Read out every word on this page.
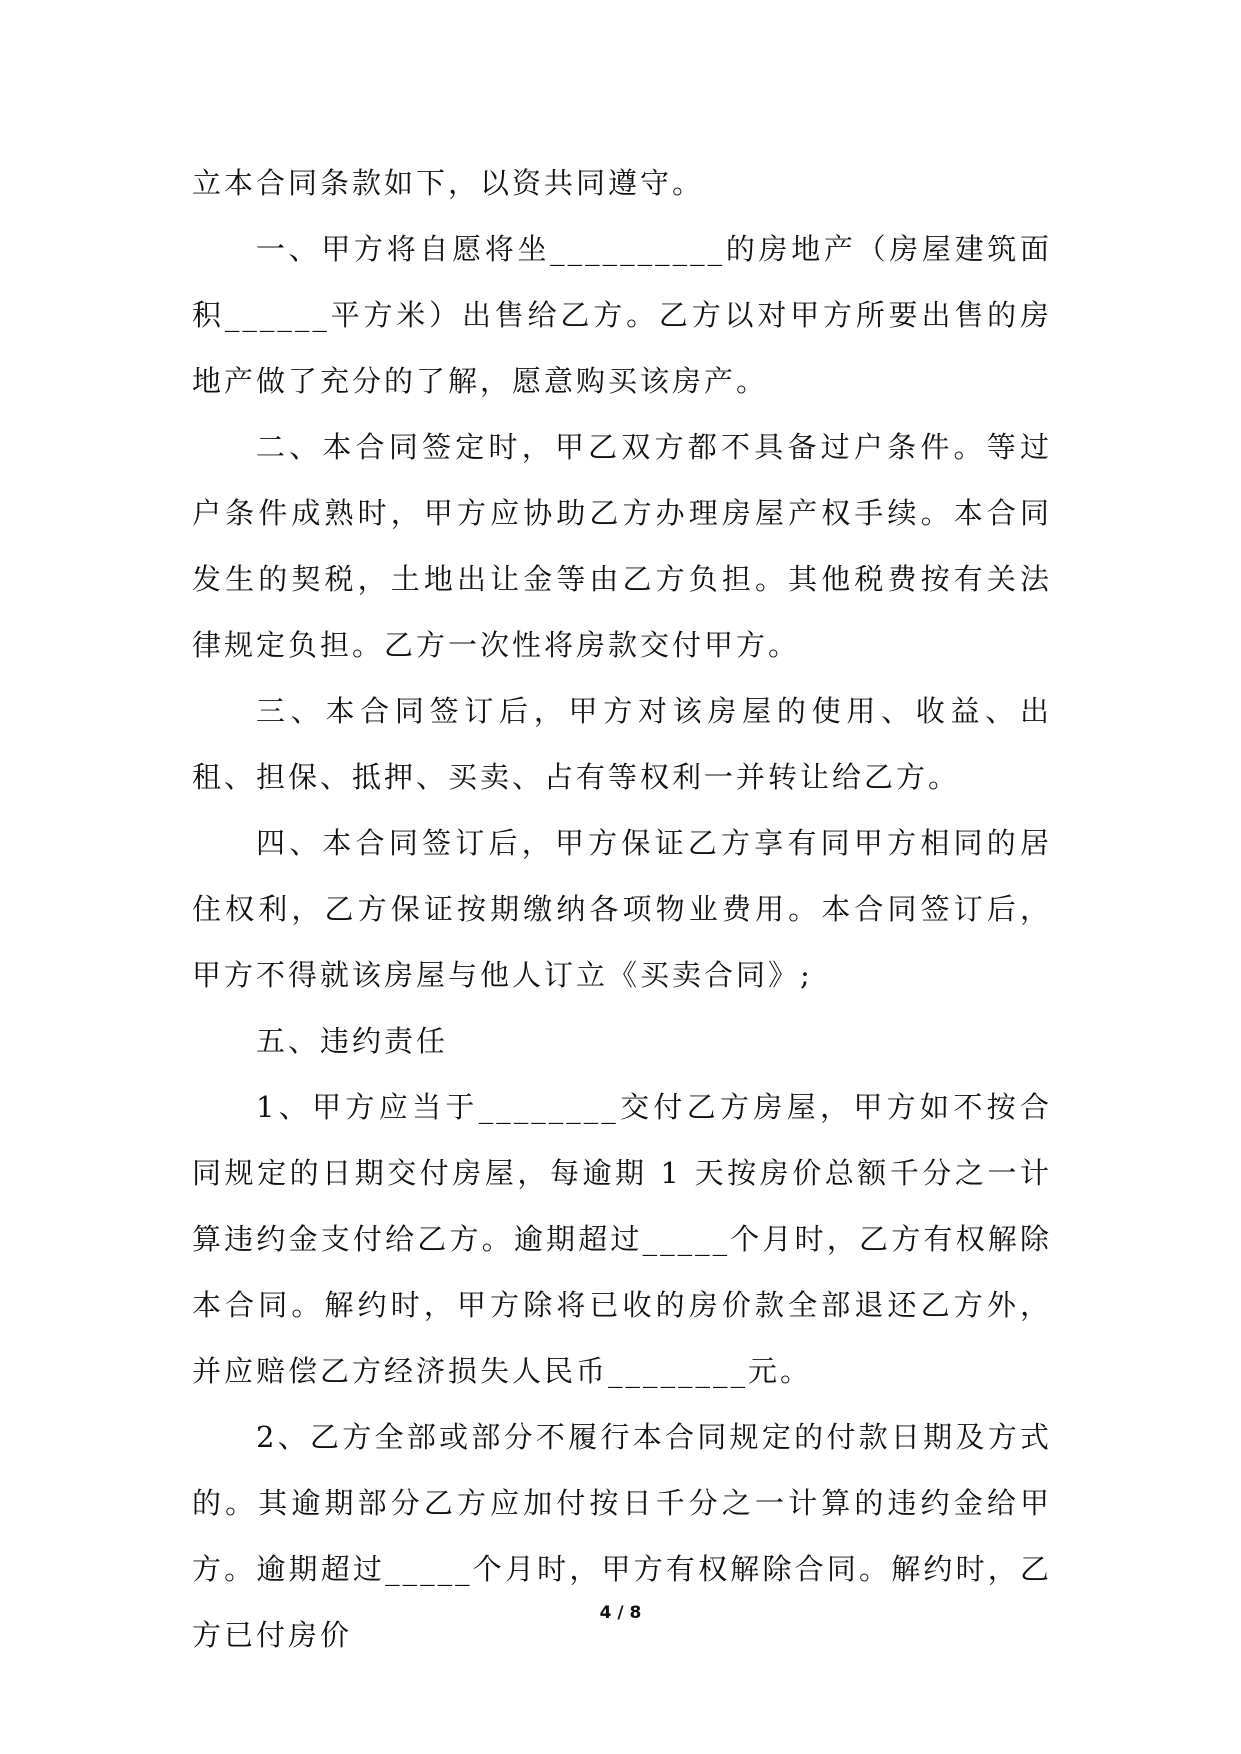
立本合同条款如下，以资共同遵守。

一、甲方将自愿将坐__________的房地产（房屋建筑面积______平方米）出售给乙方。乙方以对甲方所要出售的房地产做了充分的了解，愿意购买该房产。

二、本合同签定时，甲乙双方都不具备过户条件。等过户条件成熟时，甲方应协助乙方办理房屋产权手续。本合同发生的契税，土地出让金等由乙方负担。其他税费按有关法律规定负担。乙方一次性将房款交付甲方。

三、本合同签订后，甲方对该房屋的使用、收益、出租、担保、抵押、买卖、占有等权利一并转让给乙方。

四、本合同签订后，甲方保证乙方享有同甲方相同的居住权利，乙方保证按期缴纳各项物业费用。本合同签订后，甲方不得就该房屋与他人订立《买卖合同》;

五、违约责任

1、甲方应当于________交付乙方房屋，甲方如不按合同规定的日期交付房屋，每逾期 1 天按房价总额千分之一计算违约金支付给乙方。逾期超过_____个月时，乙方有权解除本合同。解约时，甲方除将已收的房价款全部退还乙方外，并应赔偿乙方经济损失人民币________元。

2、乙方全部或部分不履行本合同规定的付款日期及方式的。其逾期部分乙方应加付按日千分之一计算的违约金给甲方。逾期超过_____个月时，甲方有权解除合同。解约时，乙方已付房价

4 / 8
